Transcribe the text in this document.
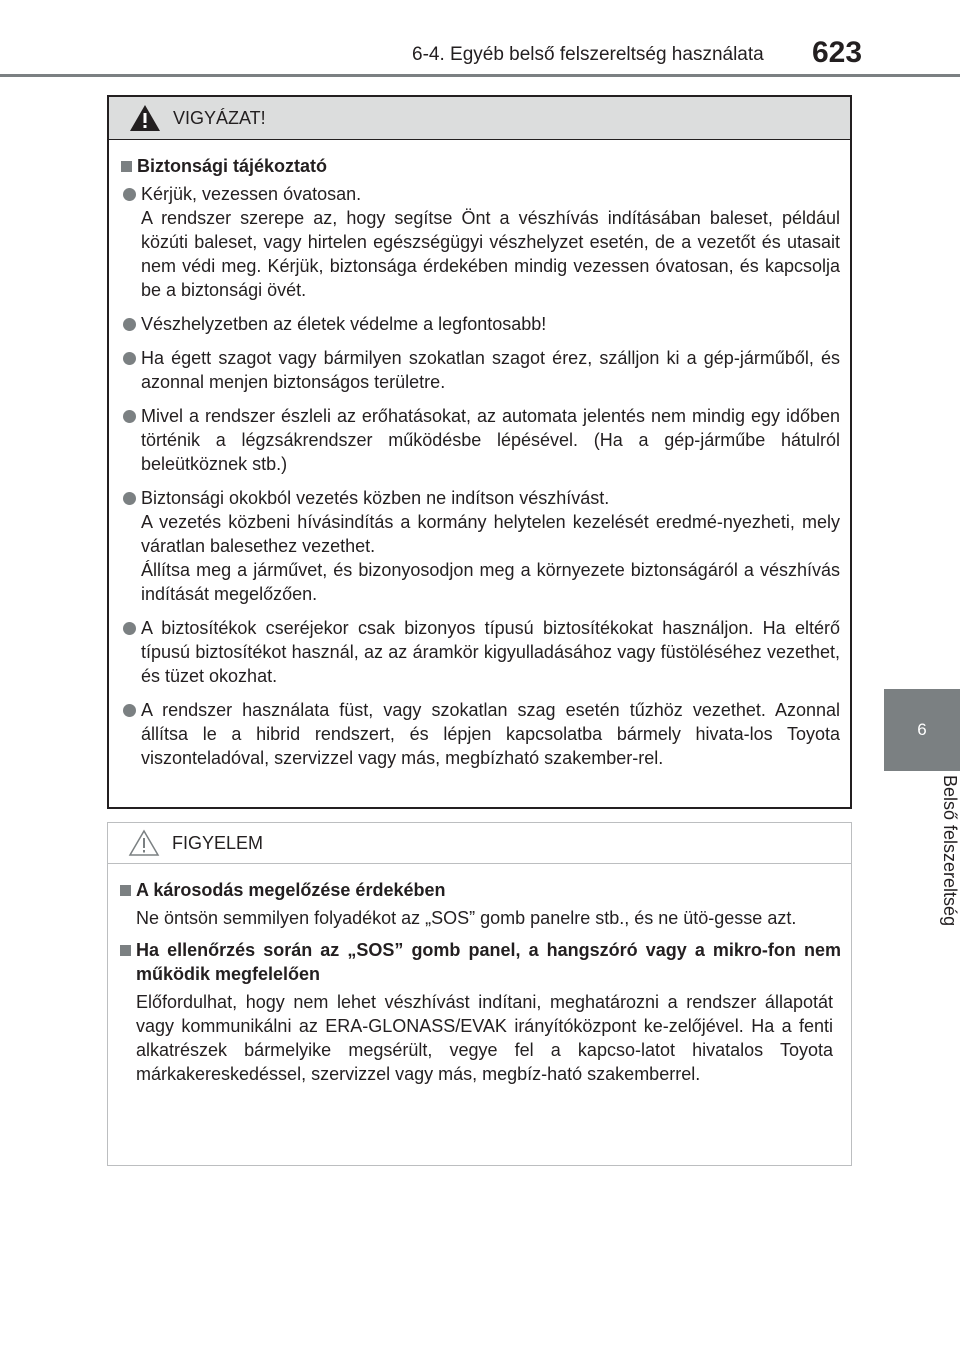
6-4. Egyéb belső felszereltség használata	623
6
Belső felszereltség
VIGYÁZAT!
Biztonsági tájékoztató
Kérjük, vezessen óvatosan.
A rendszer szerepe az, hogy segítse Önt a vészhívás indításában baleset, például közúti baleset, vagy hirtelen egészségügyi vészhelyzet esetén, de a vezetőt és utasait nem védi meg. Kérjük, biztonsága érdekében mindig vezessen óvatosan, és kapcsolja be a biztonsági övét.
Vészhelyzetben az életek védelme a legfontosabb!
Ha égett szagot vagy bármilyen szokatlan szagot érez, szálljon ki a gép-járműből, és azonnal menjen biztonságos területre.
Mivel a rendszer észleli az erőhatásokat, az automata jelentés nem mindig egy időben történik a légzsákrendszer működésbe lépésével. (Ha a gép-járműbe hátulról beleütköznek stb.)
Biztonsági okokból vezetés közben ne indítson vészhívást.
A vezetés közbeni hívásindítás a kormány helytelen kezelését eredmé-nyezheti, mely váratlan balesethez vezethet.
Állítsa meg a járművet, és bizonyosodjon meg a környezete biztonságáról a vészhívás indítását megelőzően.
A biztosítékok cseréjekor csak bizonyos típusú biztosítékokat használjon. Ha eltérő típusú biztosítékot használ, az az áramkör kigyulladásához vagy füstöléséhez vezethet, és tüzet okozhat.
A rendszer használata füst, vagy szokatlan szag esetén tűzhöz vezethet. Azonnal állítsa le a hibrid rendszert, és lépjen kapcsolatba bármely hivata-los Toyota viszonteladóval, szervizzel vagy más, megbízható szakember-rel.
FIGYELEM
A károsodás megelőzése érdekében
Ne öntsön semmilyen folyadékot az „SOS” gomb panelre stb., és ne ütö-gesse azt.
Ha ellenőrzés során az „SOS” gomb panel, a hangszóró vagy a mikro-fon nem működik megfelelően
Előfordulhat, hogy nem lehet vészhívást indítani, meghatározni a rendszer állapotát vagy kommunikálni az ERA-GLONASS/EVAK irányítóközpont ke-zelőjével. Ha a fenti alkatrészek bármelyike megsérült, vegye fel a kapcso-latot hivatalos Toyota márkakereskedéssel, szervizzel vagy más, megbíz-ható szakemberrel.
